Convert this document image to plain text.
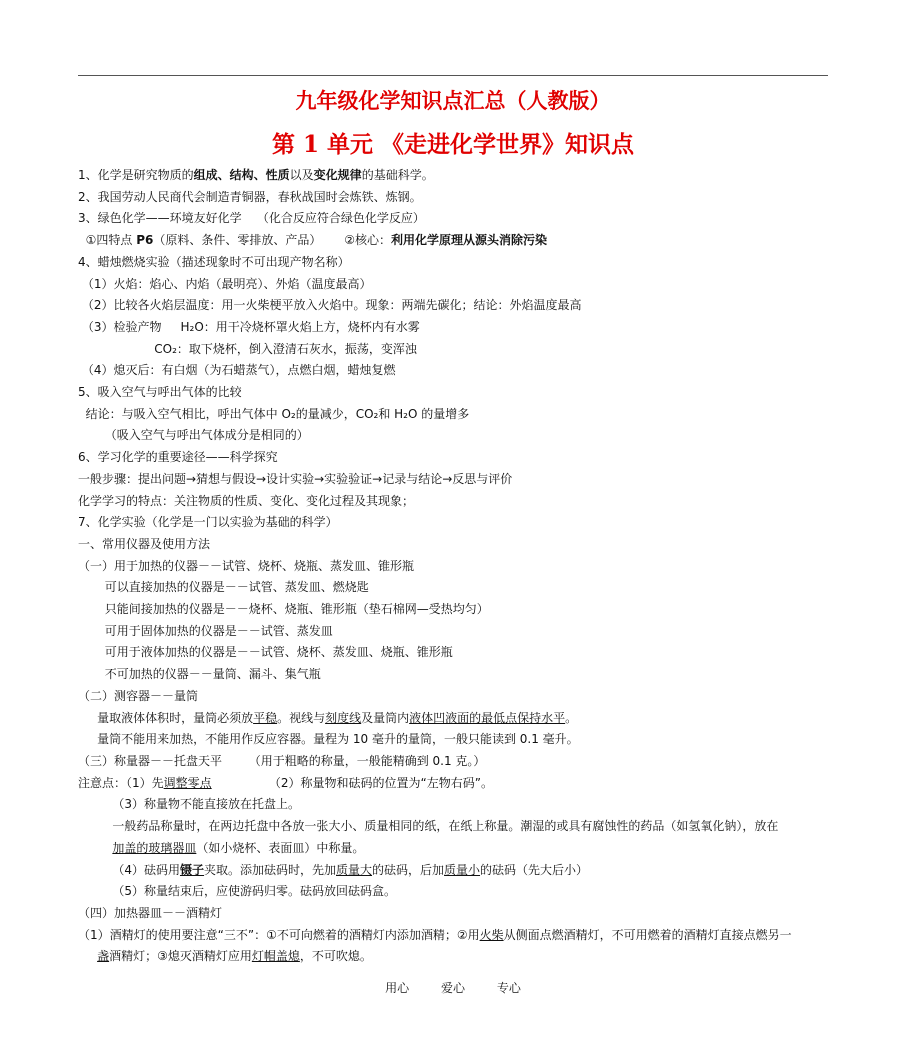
九年级化学知识点汇总（人教版）
第 1 单元 《走进化学世界》知识点
1、化学是研究物质的组成、结构、性质以及变化规律的基础科学。
2、我国劳动人民商代会制造青铜器，春秋战国时会炼铁、炼钢。
3、绿色化学——环境友好化学    （化合反应符合绿色化学反应）
①四特点 P6（原料、条件、零排放、产品）      ②核心：利用化学原理从源头消除污染
4、蜡烛燃烧实验（描述现象时不可出现产物名称）
（1）火焰：焰心、内焰（最明亮）、外焰（温度最高）
（2）比较各火焰层温度：用一火柴梗平放入火焰中。现象：两端先碳化；结论：外焰温度最高
（3）检验产物     H₂O：用干冷烧杯罩火焰上方，烧杯内有水雾
CO₂：取下烧杯，倒入澄清石灰水，振荡，变浑浊
（4）熄灭后：有白烟（为石蜡蒸气），点燃白烟，蜡烛复燃
5、吸入空气与呼出气体的比较
结论：与吸入空气相比，呼出气体中 O₂的量减少，CO₂和 H₂O 的量增多
（吸入空气与呼出气体成分是相同的）
6、学习化学的重要途径——科学探究
一般步骤：提出问题→猜想与假设→设计实验→实验验证→记录与结论→反思与评价
化学学习的特点：关注物质的性质、变化、变化过程及其现象；
7、化学实验（化学是一门以实验为基础的科学）
一、常用仪器及使用方法
（一）用于加热的仪器－－试管、烧杯、烧瓶、蒸发皿、锥形瓶
可以直接加热的仪器是－－试管、蒸发皿、燃烧匙
只能间接加热的仪器是－－烧杯、烧瓶、锥形瓶（垫石棉网—受热均匀）
可用于固体加热的仪器是－－试管、蒸发皿
可用于液体加热的仪器是－－试管、烧杯、蒸发皿、烧瓶、锥形瓶
不可加热的仪器－－量筒、漏斗、集气瓶
（二）测容器－－量筒
量取液体体积时，量筒必须放平稳。视线与刻度线及量筒内液体凹液面的最低点保持水平。
量筒不能用来加热，不能用作反应容器。量程为 10 毫升的量筒，一般只能读到 0.1 毫升。
（三）称量器－－托盘天平       （用于粗略的称量，一般能精确到 0.1 克。）
注意点：（1）先调整零点               （2）称量物和砝码的位置为“左物右码”。
（3）称量物不能直接放在托盘上。
一般药品称量时，在两边托盘中各放一张大小、质量相同的纸，在纸上称量。潮湿的或具有腐蚀性的药品（如氢氧化钠），放在
加盖的玻璃器皿（如小烧杯、表面皿）中称量。
（4）砝码用镊子夹取。添加砝码时，先加质量大的砝码，后加质量小的砝码（先大后小）
（5）称量结束后，应使游码归零。砝码放回砝码盒。
（四）加热器皿－－酒精灯
（1）酒精灯的使用要注意“三不”：①不可向燃着的酒精灯内添加酒精；②用火柴从侧面点燃酒精灯，不可用燃着的酒精灯直接点燃另一
盏酒精灯；③熄灭酒精灯应用灯帽盖熄，不可吹熄。
用心	爱心	专心
